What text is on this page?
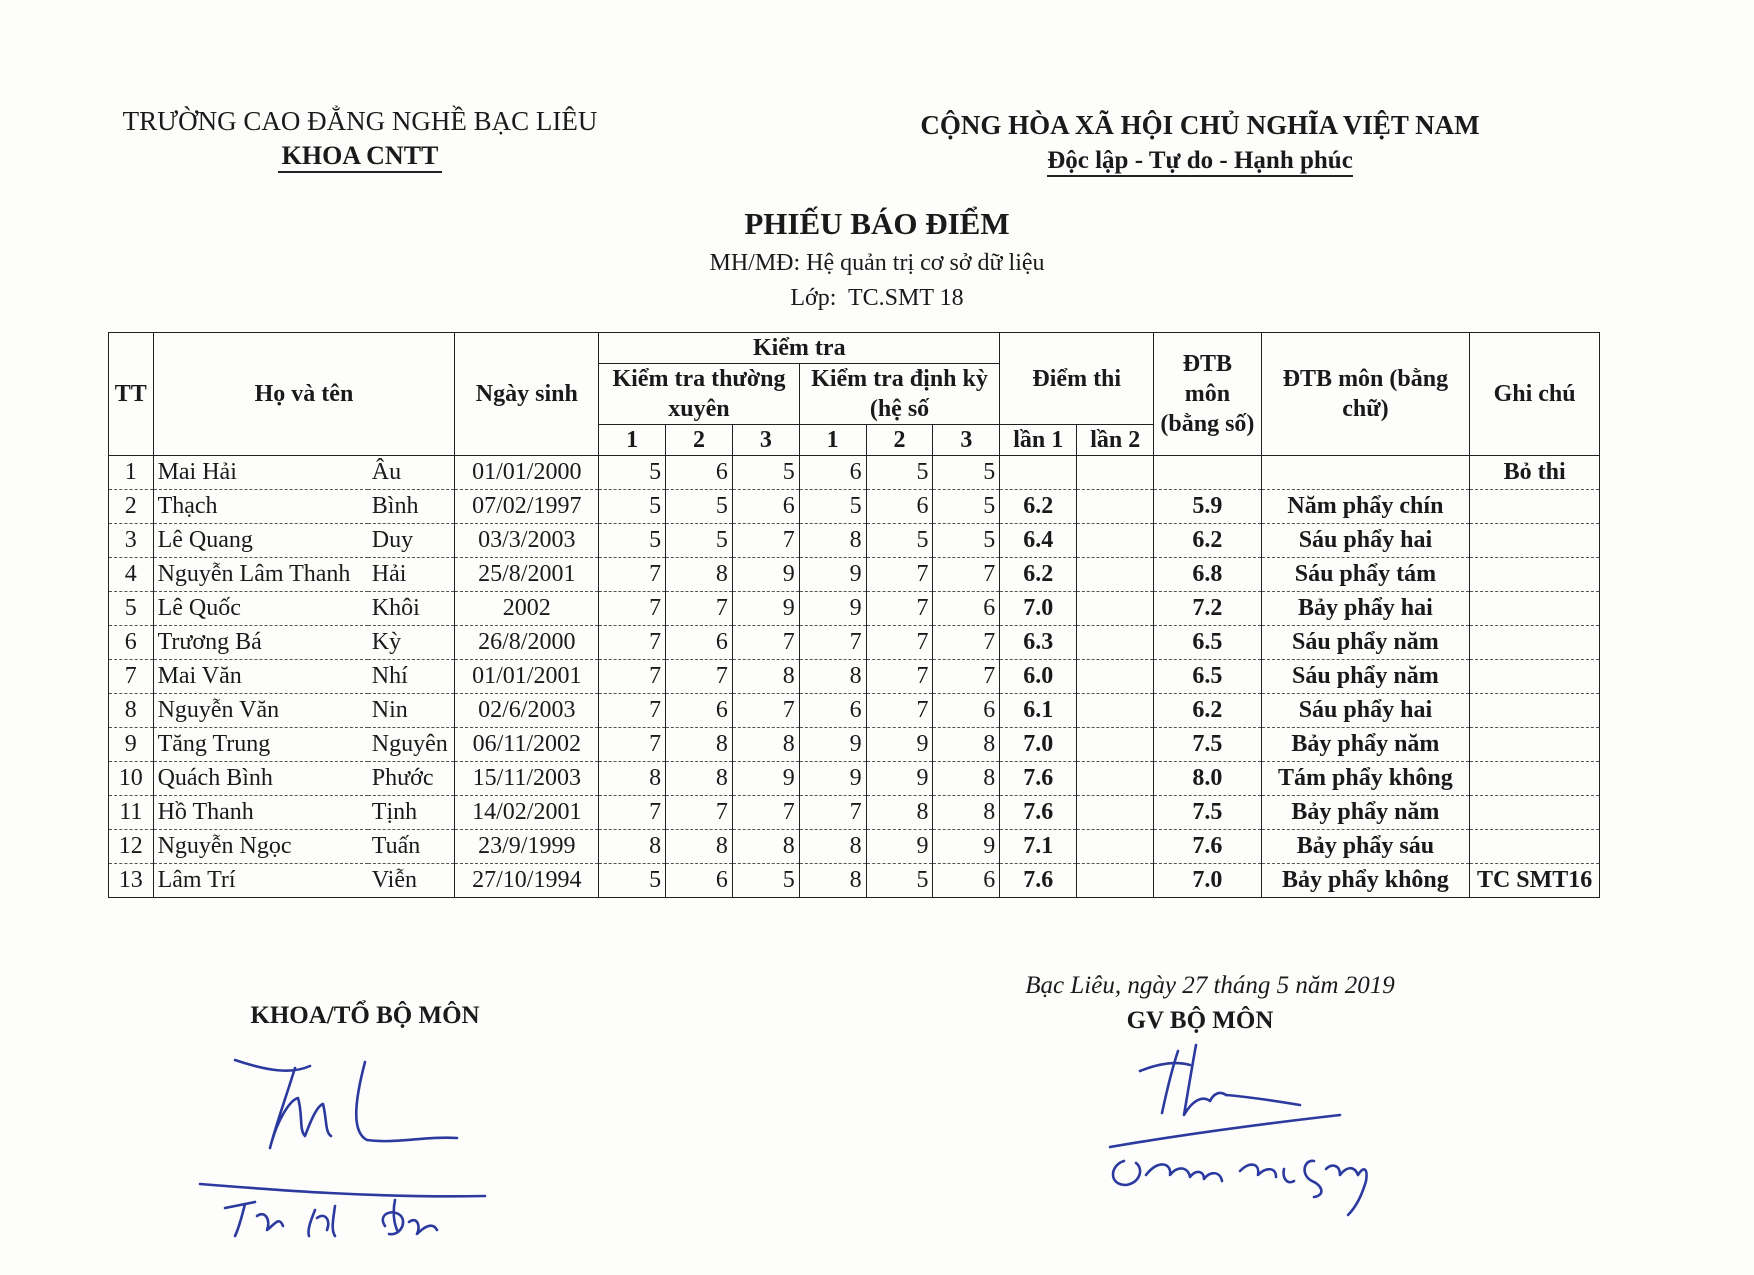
TRƯỜNG CAO ĐẲNG NGHỀ BẠC LIÊU
KHOA CNTT
CỘNG HÒA XÃ HỘI CHỦ NGHĨA VIỆT NAM
Độc lập - Tự do - Hạnh phúc
PHIẾU BÁO ĐIỂM
MH/MĐ: Hệ quản trị cơ sở dữ liệu
Lớp: TC.SMT 18
TT	Họ và tên		Ngày sinh	Kiểm tra						Điểm thi		ĐTB môn (bằng số)	ĐTB môn (bằng chữ)	Ghi chú
				Kiểm tra thường xuyên			Kiểm tra định kỳ (hệ số							
				1	2	3	1	2	3	lần 1	lần 2			
1	Mai Hải	Âu	01/01/2000	5	6	5	6	5	5					Bỏ thi
2	Thạch	Bình	07/02/1997	5	5	6	5	6	5	6.2		5.9	Năm phẩy chín	
3	Lê Quang	Duy	03/3/2003	5	5	7	8	5	5	6.4		6.2	Sáu phẩy hai	
4	Nguyễn Lâm Thanh	Hải	25/8/2001	7	8	9	9	7	7	6.2		6.8	Sáu phẩy tám	
5	Lê Quốc	Khôi	2002	7	7	9	9	7	6	7.0		7.2	Bảy phẩy hai	
6	Trương Bá	Kỳ	26/8/2000	7	6	7	7	7	7	6.3		6.5	Sáu phẩy năm	
7	Mai Văn	Nhí	01/01/2001	7	7	8	8	7	7	6.0		6.5	Sáu phẩy năm	
8	Nguyễn Văn	Nin	02/6/2003	7	6	7	6	7	6	6.1		6.2	Sáu phẩy hai	
9	Tăng Trung	Nguyên	06/11/2002	7	8	8	9	9	8	7.0		7.5	Bảy phẩy năm	
10	Quách Bình	Phước	15/11/2003	8	8	9	9	9	8	7.6		8.0	Tám phẩy không	
11	Hồ Thanh	Tịnh	14/02/2001	7	7	7	7	8	8	7.6		7.5	Bảy phẩy năm	
12	Nguyễn Ngọc	Tuấn	23/9/1999	8	8	8	8	9	9	7.1		7.6	Bảy phẩy sáu	
13	Lâm Trí	Viễn	27/10/1994	5	6	5	8	5	6	7.6		7.0	Bảy phẩy không	TC SMT16
Bạc Liêu, ngày 27 tháng 5 năm 2019
KHOA/TỔ BỘ MÔN	GV BỘ MÔN
